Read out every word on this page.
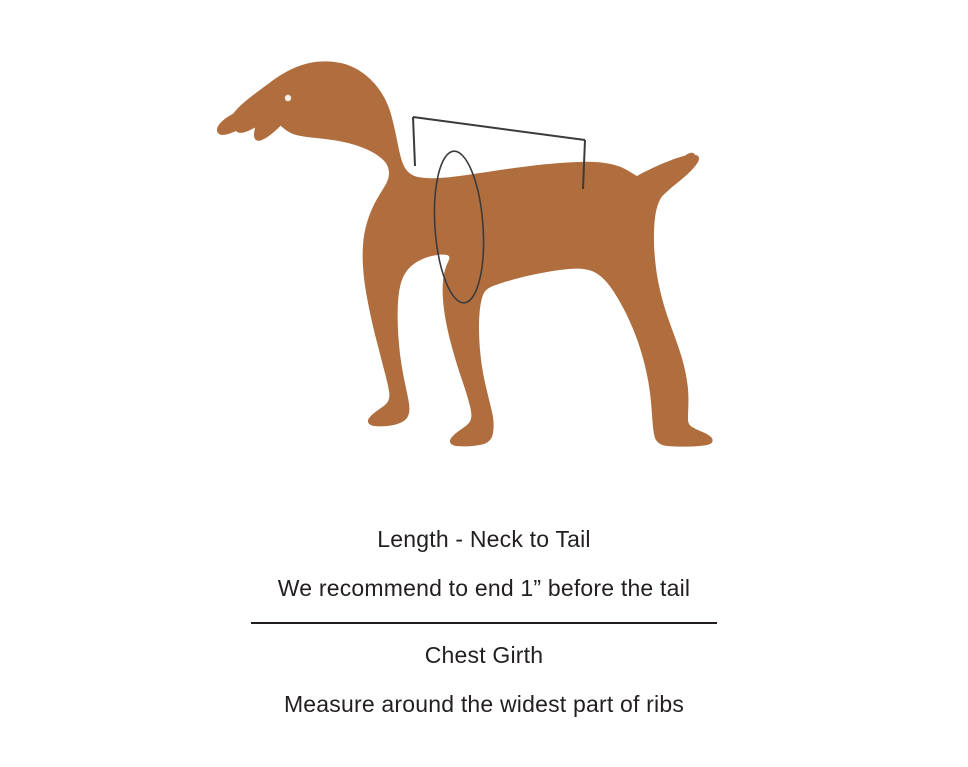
Length - Neck to Tail
We recommend to end 1” before the tail
Chest Girth
Measure around the widest part of ribs
